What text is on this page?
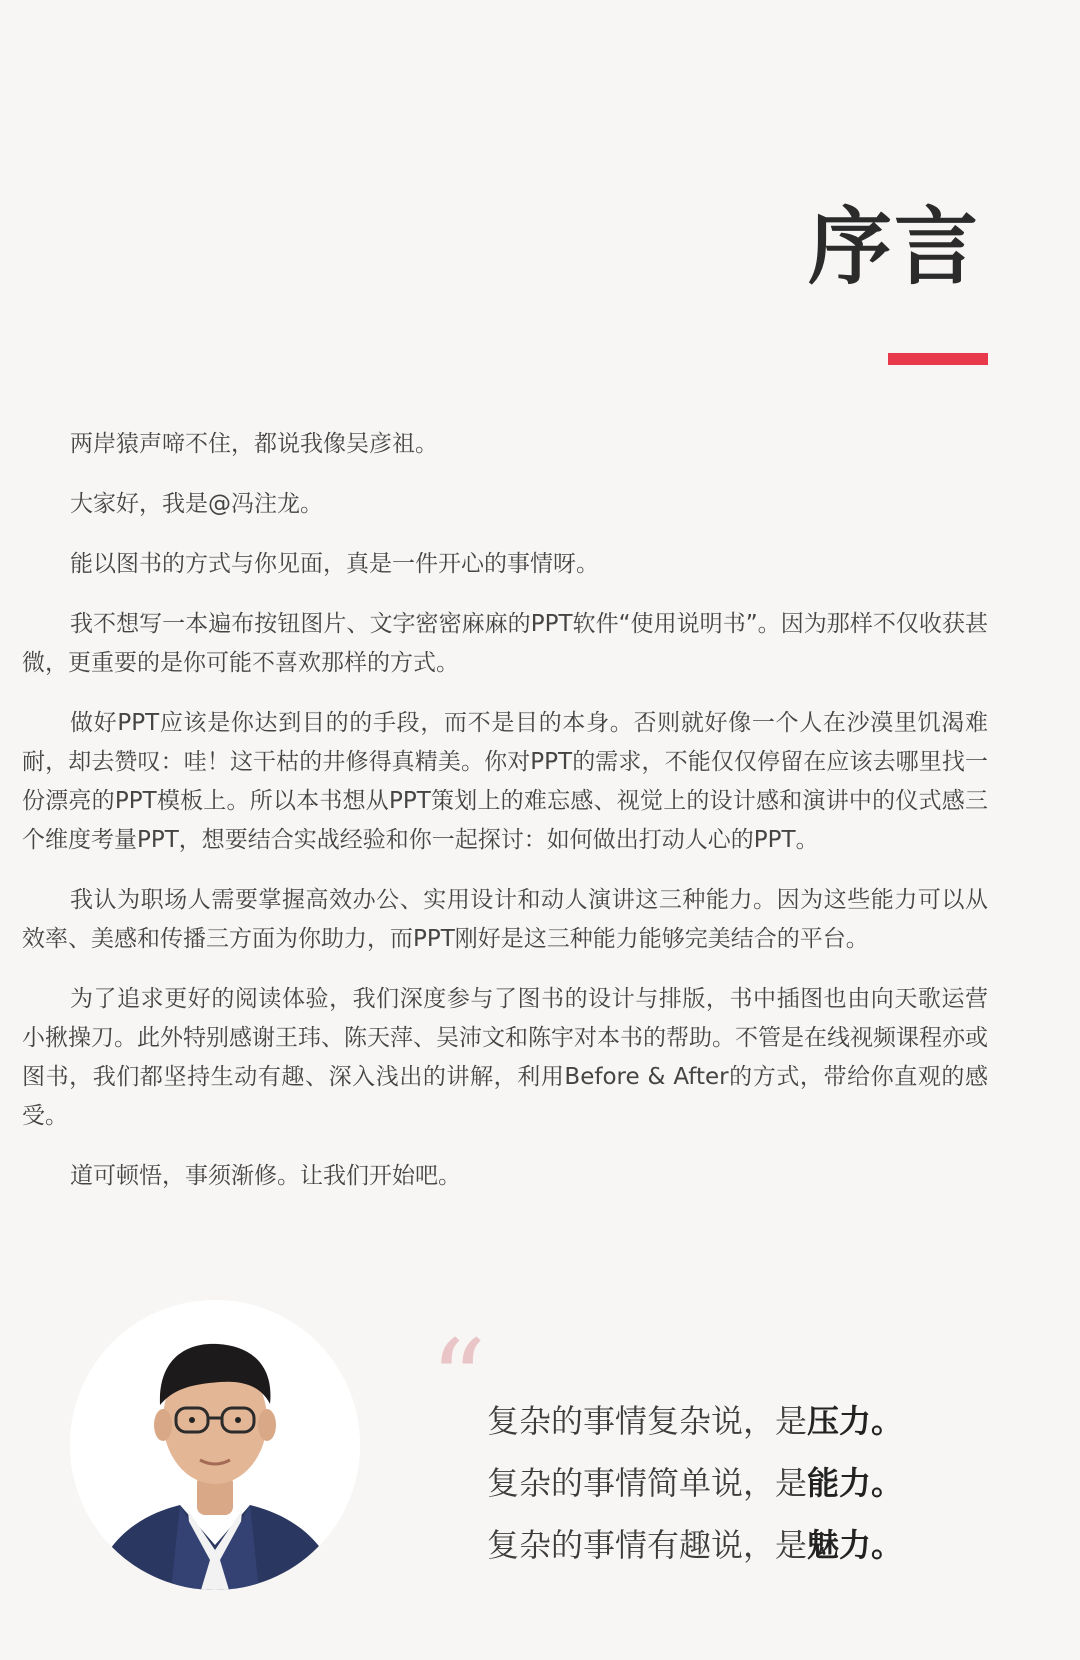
序言

两岸猿声啼不住，都说我像吴彦祖。

大家好，我是@冯注龙。

能以图书的方式与你见面，真是一件开心的事情呀。

我不想写一本遍布按钮图片、文字密密麻麻的PPT软件“使用说明书”。因为那样不仅收获甚微，更重要的是你可能不喜欢那样的方式。

做好PPT应该是你达到目的的手段，而不是目的本身。否则就好像一个人在沙漠里饥渴难耐，却去赞叹：哇！这干枯的井修得真精美。你对PPT的需求，不能仅仅停留在应该去哪里找一份漂亮的PPT模板上。所以本书想从PPT策划上的难忘感、视觉上的设计感和演讲中的仪式感三个维度考量PPT，想要结合实战经验和你一起探讨：如何做出打动人心的PPT。

我认为职场人需要掌握高效办公、实用设计和动人演讲这三种能力。因为这些能力可以从效率、美感和传播三方面为你助力，而PPT刚好是这三种能力能够完美结合的平台。

为了追求更好的阅读体验，我们深度参与了图书的设计与排版，书中插图也由向天歌运营小揪操刀。此外特别感谢王玮、陈天萍、吴沛文和陈宇对本书的帮助。不管是在线视频课程亦或图书，我们都坚持生动有趣、深入浅出的讲解，利用Before & After的方式，带给你直观的感受。

道可顿悟，事须渐修。让我们开始吧。

“ 复杂的事情复杂说，是压力。
复杂的事情简单说，是能力。
复杂的事情有趣说，是魅力。
